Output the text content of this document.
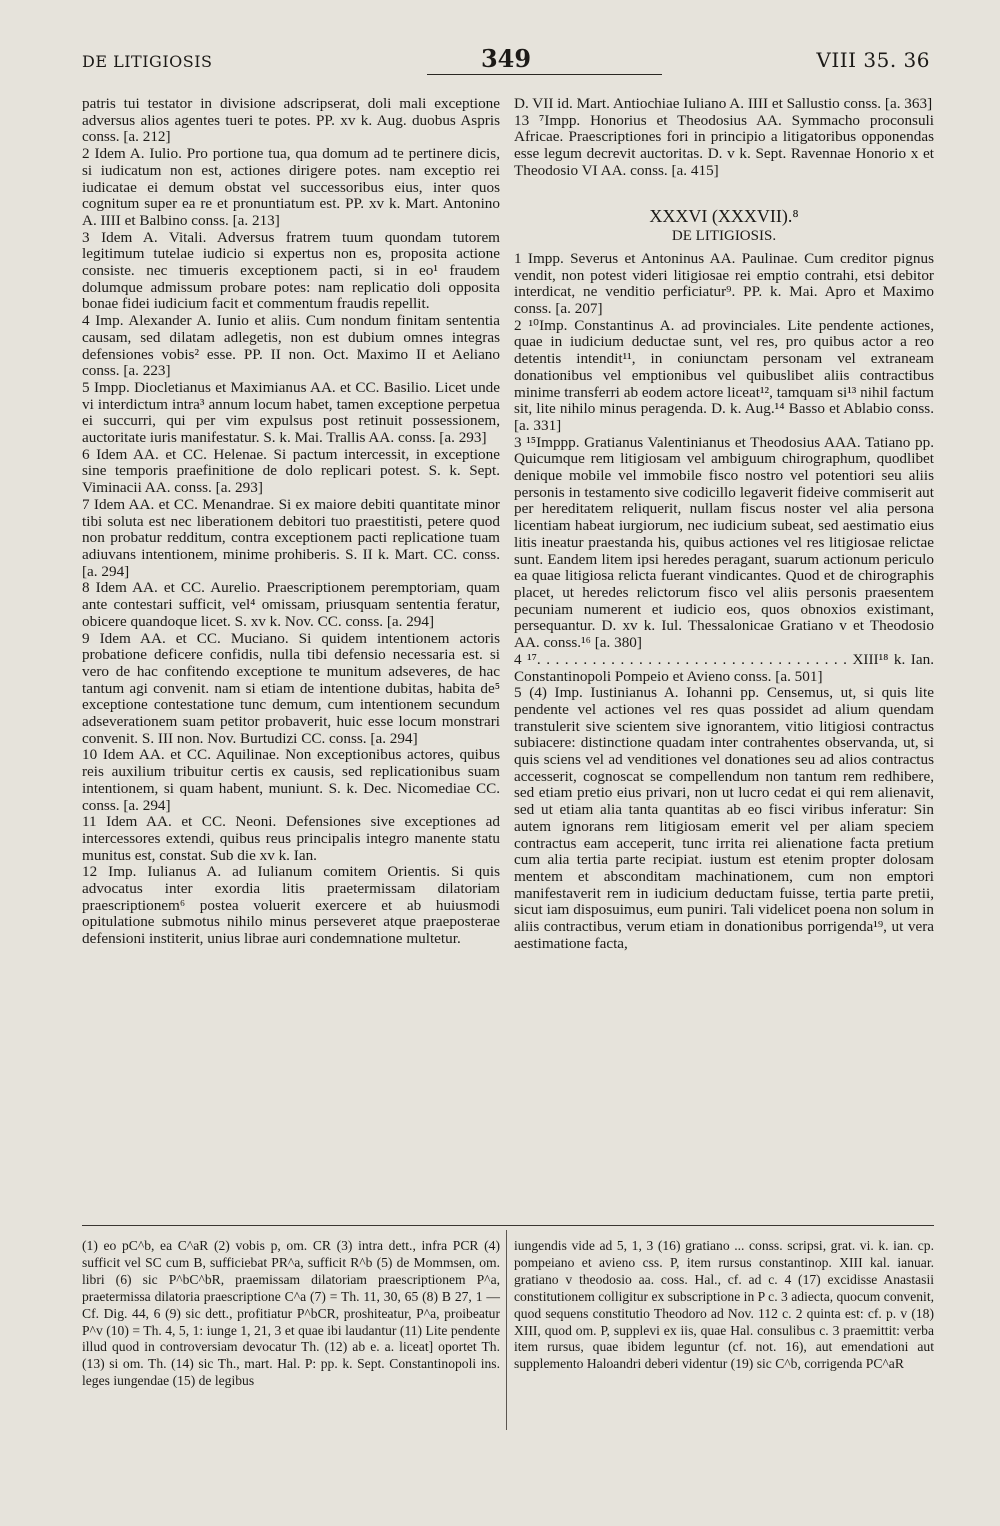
DE LITIGIOSIS	349	VIII 35. 36

patris tui testator in divisione adscripserat, doli mali exceptione adversus alios agentes tueri te potes. PP. xv k. Aug. duobus Aspris conss. [a. 212]

2 Idem A. Iulio. Pro portione tua, qua domum ad te pertinere dicis, si iudicatum non est, actiones dirigere potes. nam exceptio rei iudicatae ei demum obstat vel successoribus eius, inter quos cognitum super ea re et pronuntiatum est. PP. xv k. Mart. Antonino A. IIII et Balbino conss. [a. 213]

3 Idem A. Vitali. Adversus fratrem tuum quondam tutorem legitimum tutelae iudicio si expertus non es, proposita actione consiste. nec timueris exceptionem pacti, si in eo¹ fraudem dolumque admissum probare potes: nam replicatio doli opposita bonae fidei iudicium facit et commentum fraudis repellit.

4 Imp. Alexander A. Iunio et aliis. Cum nondum finitam sententia causam, sed dilatam adlegetis, non est dubium omnes integras defensiones vobis² esse. PP. II non. Oct. Maximo II et Aeliano conss. [a. 223]

5 Impp. Diocletianus et Maximianus AA. et CC. Basilio. Licet unde vi interdictum intra³ annum locum habet, tamen exceptione perpetua ei succurri, qui per vim expulsus post retinuit possessionem, auctoritate iuris manifestatur. S. k. Mai. Trallis AA. conss. [a. 293]

6 Idem AA. et CC. Helenae. Si pactum intercessit, in exceptione sine temporis praefinitione de dolo replicari potest. S. k. Sept. Viminacii AA. conss. [a. 293]

7 Idem AA. et CC. Menandrae. Si ex maiore debiti quantitate minor tibi soluta est nec liberationem debitori tuo praestitisti, petere quod non probatur redditum, contra exceptionem pacti replicatione tuam adiuvans intentionem, minime prohiberis. S. II k. Mart. CC. conss. [a. 294]

8 Idem AA. et CC. Aurelio. Praescriptionem peremptoriam, quam ante contestari sufficit, vel⁴ omissam, priusquam sententia feratur, obicere quandoque licet. S. xv k. Nov. CC. conss. [a. 294]

9 Idem AA. et CC. Muciano. Si quidem intentionem actoris probatione deficere confidis, nulla tibi defensio necessaria est. si vero de hac confitendo exceptione te munitum adseveres, de hac tantum agi convenit. nam si etiam de intentione dubitas, habita de⁵ exceptione contestatione tunc demum, cum intentionem secundum adseverationem suam petitor probaverit, huic esse locum monstrari convenit. S. III non. Nov. Burtudizi CC. conss. [a. 294]

10 Idem AA. et CC. Aquilinae. Non exceptionibus actores, quibus reis auxilium tribuitur certis ex causis, sed replicationibus suam intentionem, si quam habent, muniunt. S. k. Dec. Nicomediae CC. conss. [a. 294]

11 Idem AA. et CC. Neoni. Defensiones sive exceptiones ad intercessores extendi, quibus reus principalis integro manente statu munitus est, constat. Sub die xv k. Ian.

12 Imp. Iulianus A. ad Iulianum comitem Orientis. Si quis advocatus inter exordia litis praetermissam dilatoriam praescriptionem⁶ postea voluerit exercere et ab huiusmodi opitulatione submotus nihilo minus perseveret atque praeposterae defensioni institerit, unius librae auri condemnatione multetur.

D. VII id. Mart. Antiochiae Iuliano A. IIII et Sallustio conss. [a. 363]

13 ⁷Impp. Honorius et Theodosius AA. Symmacho proconsuli Africae. Praescriptiones fori in principio a litigatoribus opponendas esse legum decrevit auctoritas. D. v k. Sept. Ravennae Honorio x et Theodosio VI AA. conss. [a. 415]

XXXVI (XXXVII).⁸

DE LITIGIOSIS.

1 Impp. Severus et Antoninus AA. Paulinae. Cum creditor pignus vendit, non potest videri litigiosae rei emptio contrahi, etsi debitor interdicat, ne venditio perficiatur⁹. PP. k. Mai. Apro et Maximo conss. [a. 207]

2 ¹⁰Imp. Constantinus A. ad provinciales. Lite pendente actiones, quae in iudicium deductae sunt, vel res, pro quibus actor a reo detentis intendit¹¹, in coniunctam personam vel extraneam donationibus vel emptionibus vel quibuslibet aliis contractibus minime transferri ab eodem actore liceat¹², tamquam si¹³ nihil factum sit, lite nihilo minus peragenda. D. k. Aug.¹⁴ Basso et Ablabio conss. [a. 331]

3 ¹⁵Imppp. Gratianus Valentinianus et Theodosius AAA. Tatiano pp. Quicumque rem litigiosam vel ambiguum chirographum, quodlibet denique mobile vel immobile fisco nostro vel potentiori seu aliis personis in testamento sive codicillo legaverit fideive commiserit aut per hereditatem reliquerit, nullam fiscus noster vel alia persona licentiam habeat iurgiorum, nec iudicium subeat, sed aestimatio eius litis ineatur praestanda his, quibus actiones vel res litigiosae relictae sunt. Eandem litem ipsi heredes peragant, suarum actionum periculo ea quae litigiosa relicta fuerant vindicantes. Quod et de chirographis placet, ut heredes relictorum fisco vel aliis personis praesentem pecuniam numerent et iudicio eos, quos obnoxios existimant, persequantur. D. xv k. Iul. Thessalonicae Gratiano v et Theodosio AA. conss.¹⁶ [a. 380]

4 ¹⁷. . . . . . . . . . . . . . . . . . . . . . . . . . . . . . . . . . XIII¹⁸ k. Ian. Constantinopoli Pompeio et Avieno conss. [a. 501]

5 (4) Imp. Iustinianus A. Iohanni pp. Censemus, ut, si quis lite pendente vel actiones vel res quas possidet ad alium quendam transtulerit sive scientem sive ignorantem, vitio litigiosi contractus subiacere: distinctione quadam inter contrahentes observanda, ut, si quis sciens vel ad venditiones vel donationes seu ad alios contractus accesserit, cognoscat se compellendum non tantum rem redhibere, sed etiam pretio eius privari, non ut lucro cedat ei qui rem alienavit, sed ut etiam alia tanta quantitas ab eo fisci viribus inferatur: Sin autem ignorans rem litigiosam emerit vel per aliam speciem contractus eam acceperit, tunc irrita rei alienatione facta pretium cum alia tertia parte recipiat. iustum est etenim propter dolosam mentem et absconditam machinationem, cum non emptori manifestaverit rem in iudicium deductam fuisse, tertia parte pretii, sicut iam disposuimus, eum puniri. Tali videlicet poena non solum in aliis contractibus, verum etiam in donationibus porrigenda¹⁹, ut vera aestimatione facta,

(1) eo pC^b, ea C^aR (2) vobis p, om. CR (3) intra dett., infra PCR (4) sufficit vel SC cum B, sufficiebat PR^a, sufficit R^b (5) de Mommsen, om. libri (6) sic P^bC^bR, praemissam dilatoriam praescriptionem P^a, praetermissa dilatoria praescriptione C^a (7) = Th. 11, 30, 65 (8) B 27, 1 — Cf. Dig. 44, 6 (9) sic dett., profitiatur P^bCR, proshiteatur, P^a, proibeatur P^v (10) = Th. 4, 5, 1: iunge 1, 21, 3 et quae ibi laudantur (11) Lite pendente illud quod in controversiam devocatur Th. (12) ab e. a. liceat] oportet Th. (13) si om. Th. (14) sic Th., mart. Hal. P: pp. k. Sept. Constantinopoli ins. leges iungendae (15) de legibus
iungendis vide ad 5, 1, 3 (16) gratiano ... conss. scripsi, grat. vi. k. ian. cp. pompeiano et avieno css. P, item rursus constantinop. XIII kal. ianuar. gratiano v theodosio aa. coss. Hal., cf. ad c. 4 (17) excidisse Anastasii constitutionem colligitur ex subscriptione in P c. 3 adiecta, quocum convenit, quod sequens constitutio Theodoro ad Nov. 112 c. 2 quinta est: cf. p. v (18) XIII, quod om. P, supplevi ex iis, quae Hal. consulibus c. 3 praemittit: verba item rursus, quae ibidem leguntur (cf. not. 16), aut emendationi aut supplemento Haloandri deberi videntur (19) sic C^b, corrigenda PC^aR
